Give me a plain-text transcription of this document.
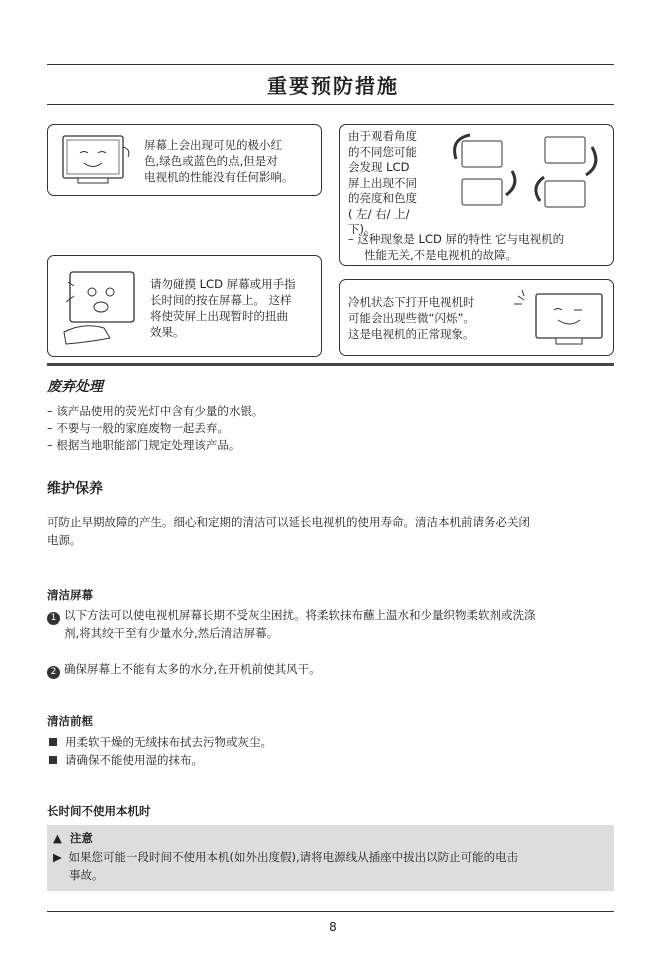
重要预防措施
屏幕上会出现可见的极小红
色,绿色或蓝色的点,但是对
电视机的性能没有任何影响。
由于观看角度
的不同您可能
会发现 LCD
屏上出现不同
的亮度和色度
( 左/ 右/ 上/
下)。
– 这种现象是 LCD 屏的特性 它与电视机的
性能无关,不是电视机的故障。
请勿碰摸 LCD 屏幕或用手指
长时间的按在屏幕上。 这样
将使荧屏上出现暂时的扭曲
效果。
冷机状态下打开电视机时
可能会出现些微“闪烁”。
这是电视机的正常现象。
废弃处理
– 该产品使用的荧光灯中含有少量的水银。
– 不要与一般的家庭废物一起丢弃。
– 根据当地职能部门规定处理该产品。
维护保养
可防止早期故障的产生。细心和定期的清洁可以延长电视机的使用寿命。清洁本机前请务必关闭
电源。
清洁屏幕
1 以下方法可以使电视机屏幕长期不受灰尘困扰。将柔软抹布蘸上温水和少量织物柔软剂或洗涤
剂,将其绞干至有少量水分,然后清洁屏幕。
2 确保屏幕上不能有太多的水分,在开机前使其风干。
清洁前框
用柔软干燥的无绒抹布拭去污物或灰尘。
请确保不能使用湿的抹布。
长时间不使用本机时
▲ 注意
▶ 如果您可能一段时间不使用本机(如外出度假),请将电源线从插座中拔出以防止可能的电击
事故。
8
